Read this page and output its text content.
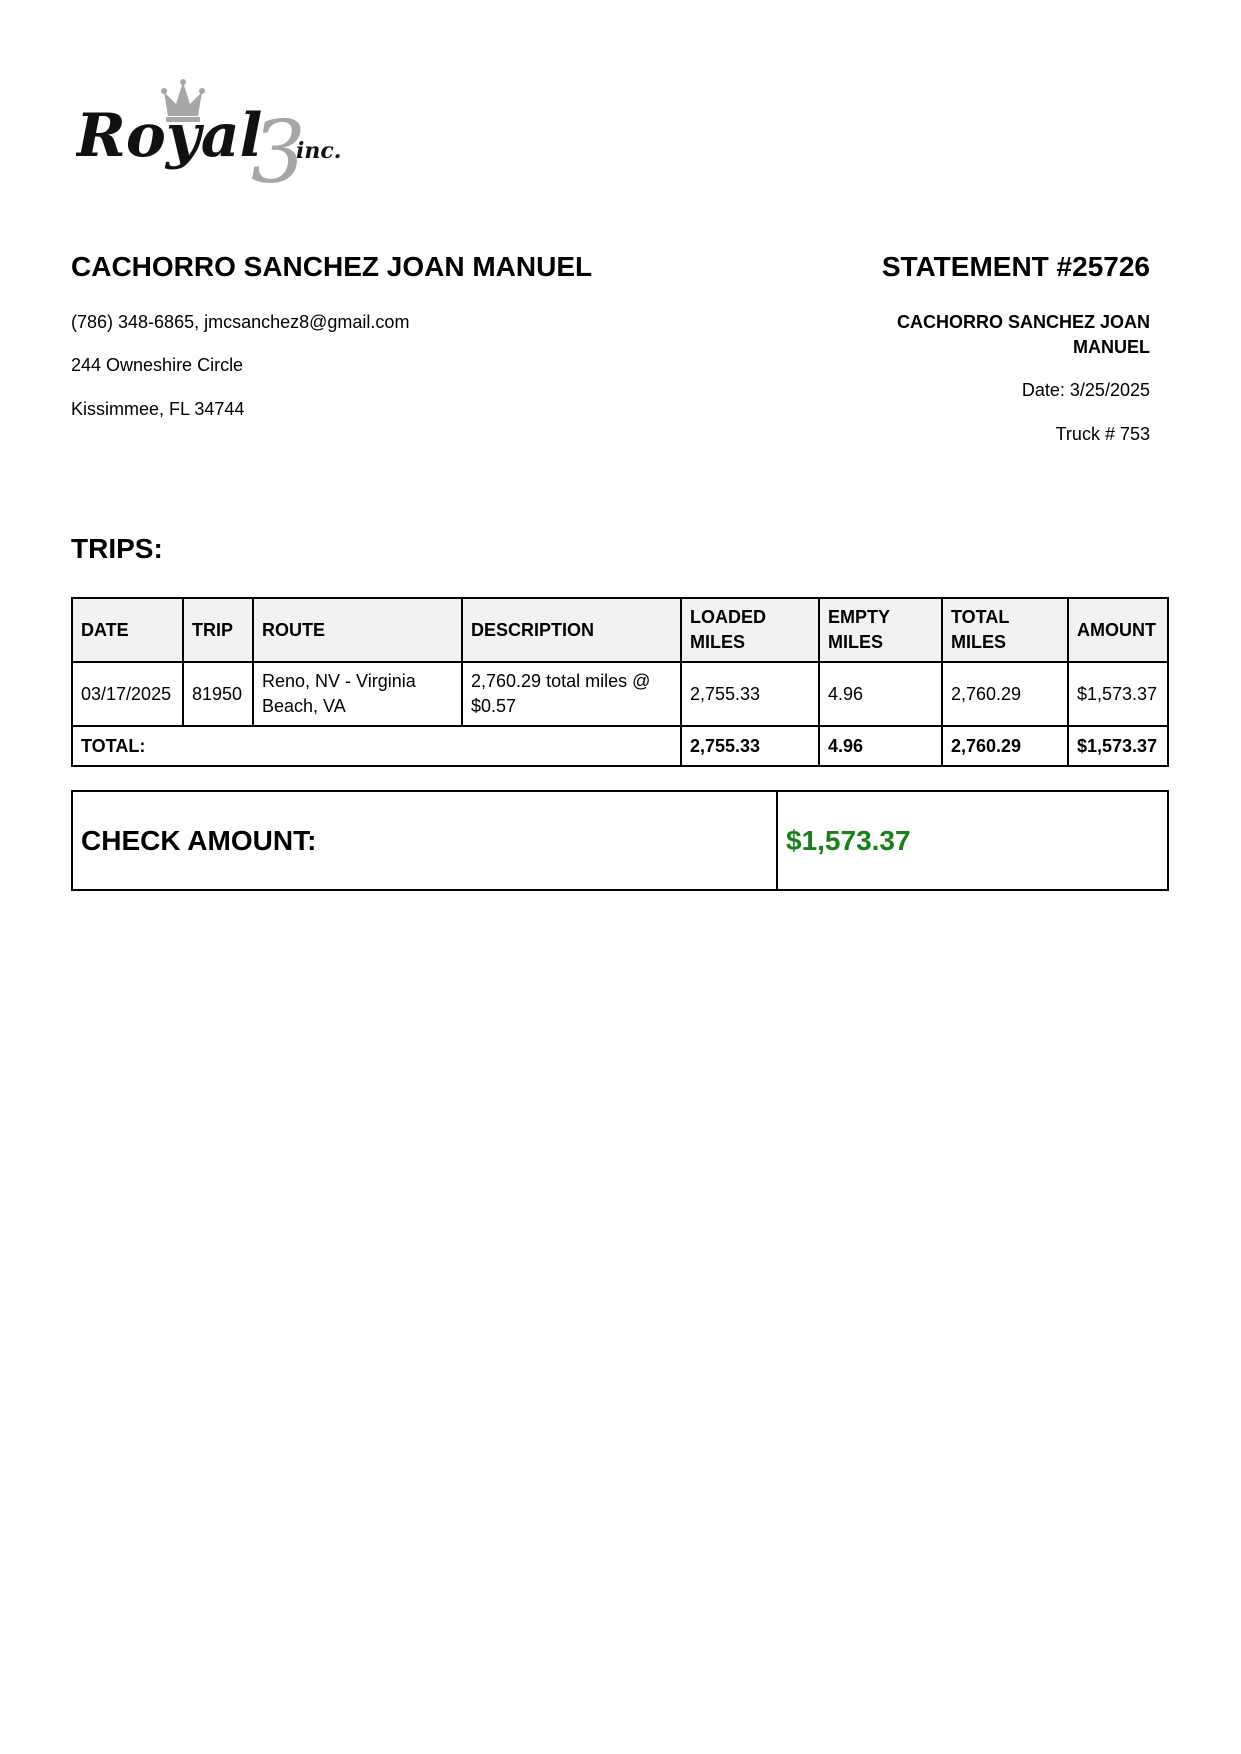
3
Royal inc.
CACHORRO SANCHEZ JOAN MANUEL
(786) 348-6865, jmcsanchez8@gmail.com
244 Owneshire Circle
Kissimmee, FL 34744
STATEMENT #25726
CACHORRO SANCHEZ JOAN MANUEL
Date: 3/25/2025
Truck # 753
TRIPS:
DATE	TRIP	ROUTE	DESCRIPTION	LOADED MILES	EMPTY MILES	TOTAL MILES	AMOUNT
03/17/2025	81950	Reno, NV - Virginia Beach, VA	2,760.29 total miles @ $0.57	2,755.33	4.96	2,760.29	$1,573.37
TOTAL:				2,755.33	4.96	2,760.29	$1,573.37
CHECK AMOUNT:	$1,573.37
